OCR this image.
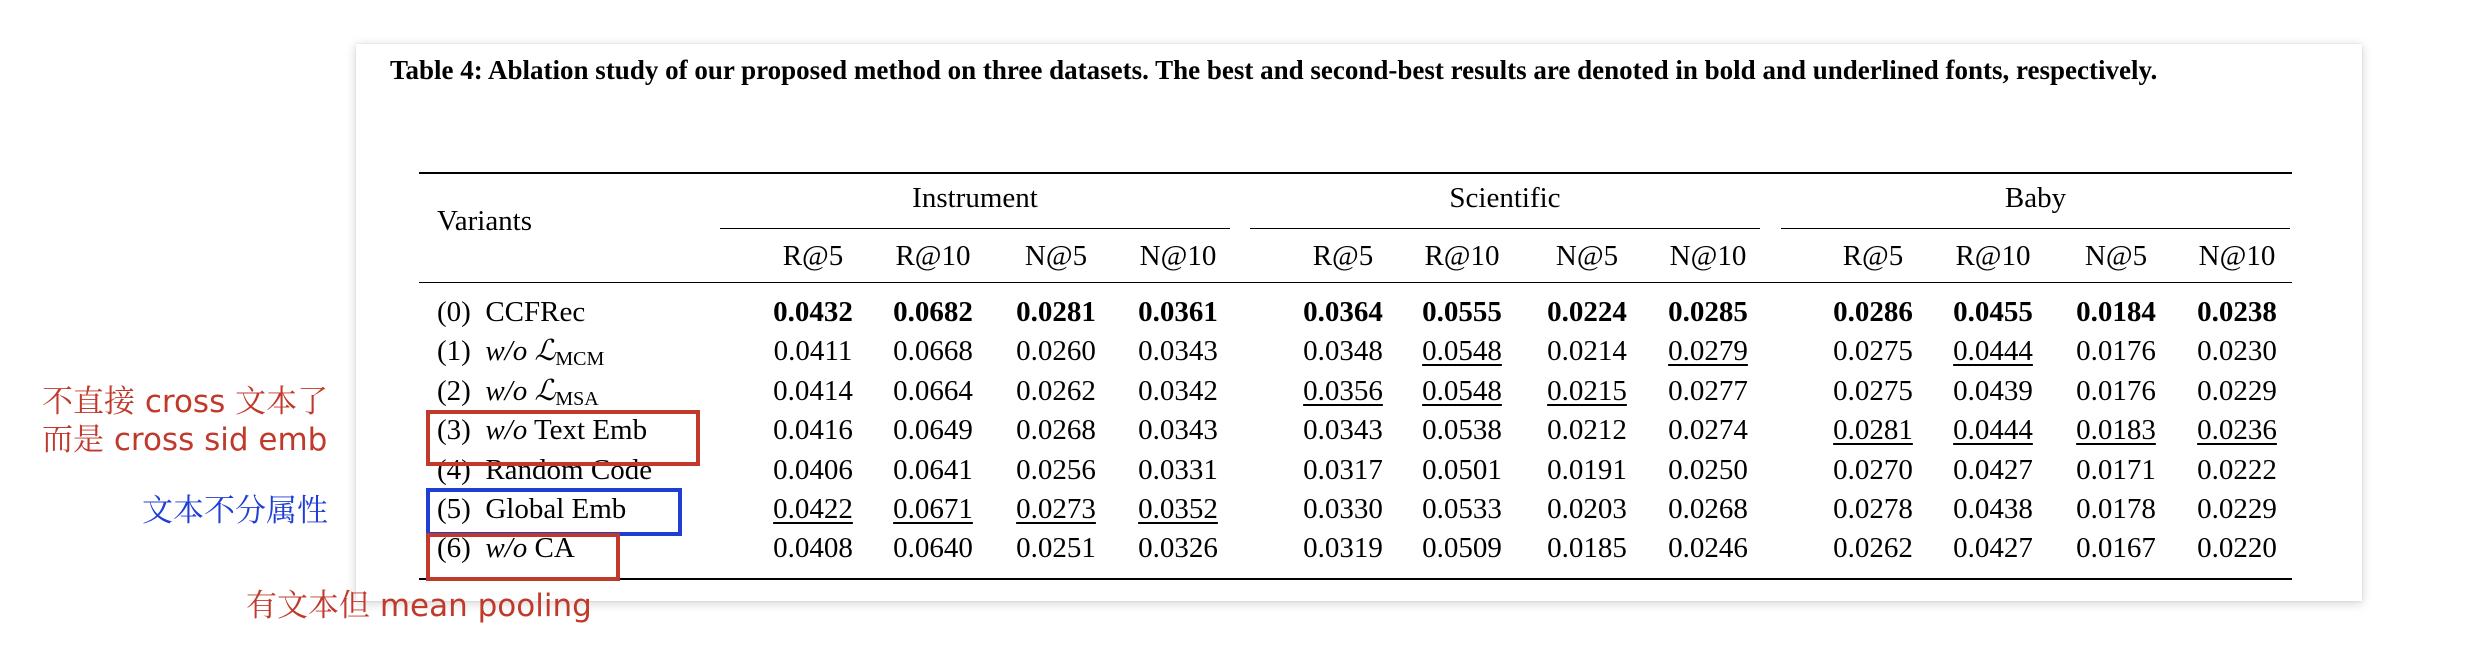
Table 4: Ablation study of our proposed method on three datasets. The best and second-best results are denoted in bold and underlined fonts, respectively.
Variants
Instrument
R@5	R@10	N@5	N@10
Scientific
R@5	R@10	N@5	N@10
Baby
R@5	R@10	N@5	N@10
(0)  CCFRec	0.0432	0.0682	0.0281	0.0361	0.0364	0.0555	0.0224	0.0285	0.0286	0.0455	0.0184	0.0238
(1)  w/o ℒ$_{MCM}$	0.0411	0.0668	0.0260	0.0343	0.0348	0.0548	0.0214	0.0279	0.0275	0.0444	0.0176	0.0230
(2)  w/o ℒ$_{MSA}$	0.0414	0.0664	0.0262	0.0342	0.0356	0.0548	0.0215	0.0277	0.0275	0.0439	0.0176	0.0229
(3)  w/o Text Emb	0.0416	0.0649	0.0268	0.0343	0.0343	0.0538	0.0212	0.0274	0.0281	0.0444	0.0183	0.0236
(4)  Random Code	0.0406	0.0641	0.0256	0.0331	0.0317	0.0501	0.0191	0.0250	0.0270	0.0427	0.0171	0.0222
(5)  Global Emb	0.0422	0.0671	0.0273	0.0352	0.0330	0.0533	0.0203	0.0268	0.0278	0.0438	0.0178	0.0229
(6)  w/o CA	0.0408	0.0640	0.0251	0.0326	0.0319	0.0509	0.0185	0.0246	0.0262	0.0427	0.0167	0.0220
不直接 cross 文本了
而是 cross sid emb
文本不分属性
有文本但 mean pooling
